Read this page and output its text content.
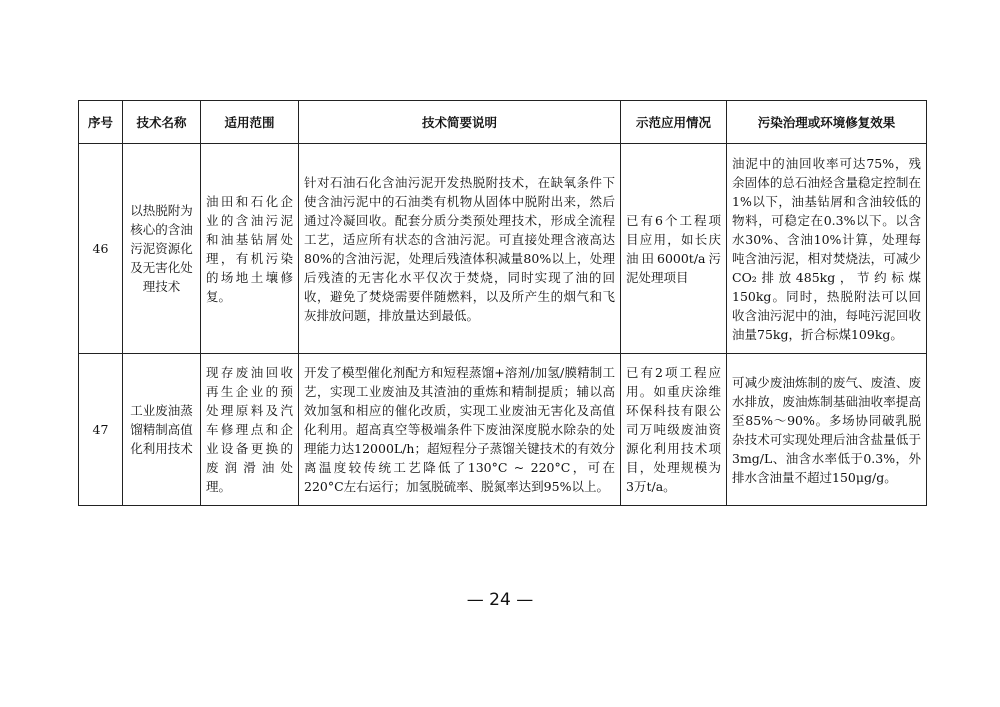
序号	技术名称	适用范围	技术简要说明	示范应用情况	污染治理或环境修复效果
46	以热脱附为核心的含油污泥资源化及无害化处理技术	油田和石化企业的含油污泥和油基钻屑处理，有机污染的场地土壤修复。	针对石油石化含油污泥开发热脱附技术，在缺氧条件下使含油污泥中的石油类有机物从固体中脱附出来，然后通过冷凝回收。配套分质分类预处理技术，形成全流程工艺，适应所有状态的含油污泥。可直接处理含液高达80%的含油污泥，处理后残渣体积减量80%以上，处理后残渣的无害化水平仅次于焚烧，同时实现了油的回收，避免了焚烧需要伴随燃料，以及所产生的烟气和飞灰排放问题，排放量达到最低。	已有6个工程项目应用，如长庆油田6000t/a污泥处理项目	油泥中的油回收率可达75%，残余固体的总石油烃含量稳定控制在1%以下，油基钻屑和含油较低的物料，可稳定在0.3%以下。以含水30%、含油10%计算，处理每吨含油污泥，相对焚烧法，可减少CO₂排放485kg，节约标煤150kg。同时，热脱附法可以回收含油污泥中的油，每吨污泥回收油量75kg，折合标煤109kg。
47	工业废油蒸馏精制高值化利用技术	现存废油回收再生企业的预处理原料及汽车修理点和企业设备更换的废润滑油处理。	开发了模型催化剂配方和短程蒸馏+溶剂/加氢/膜精制工艺，实现工业废油及其渣油的重炼和精制提质；辅以高效加氢和相应的催化改质，实现工业废油无害化及高值化利用。超高真空等极端条件下废油深度脱水除杂的处理能力达12000L/h；超短程分子蒸馏关键技术的有效分离温度较传统工艺降低了130°C ~ 220°C，可在220°C左右运行；加氢脱硫率、脱氮率达到95%以上。	已有2项工程应用。如重庆涂维环保科技有限公司万吨级废油资源化利用技术项目，处理规模为3万t/a。	可减少废油炼制的废气、废渣、废水排放，废油炼制基础油收率提高至85%～90%。多场协同破乳脱杂技术可实现处理后油含盐量低于3mg/L、油含水率低于0.3%，外排水含油量不超过150μg/g。
— 24 —
